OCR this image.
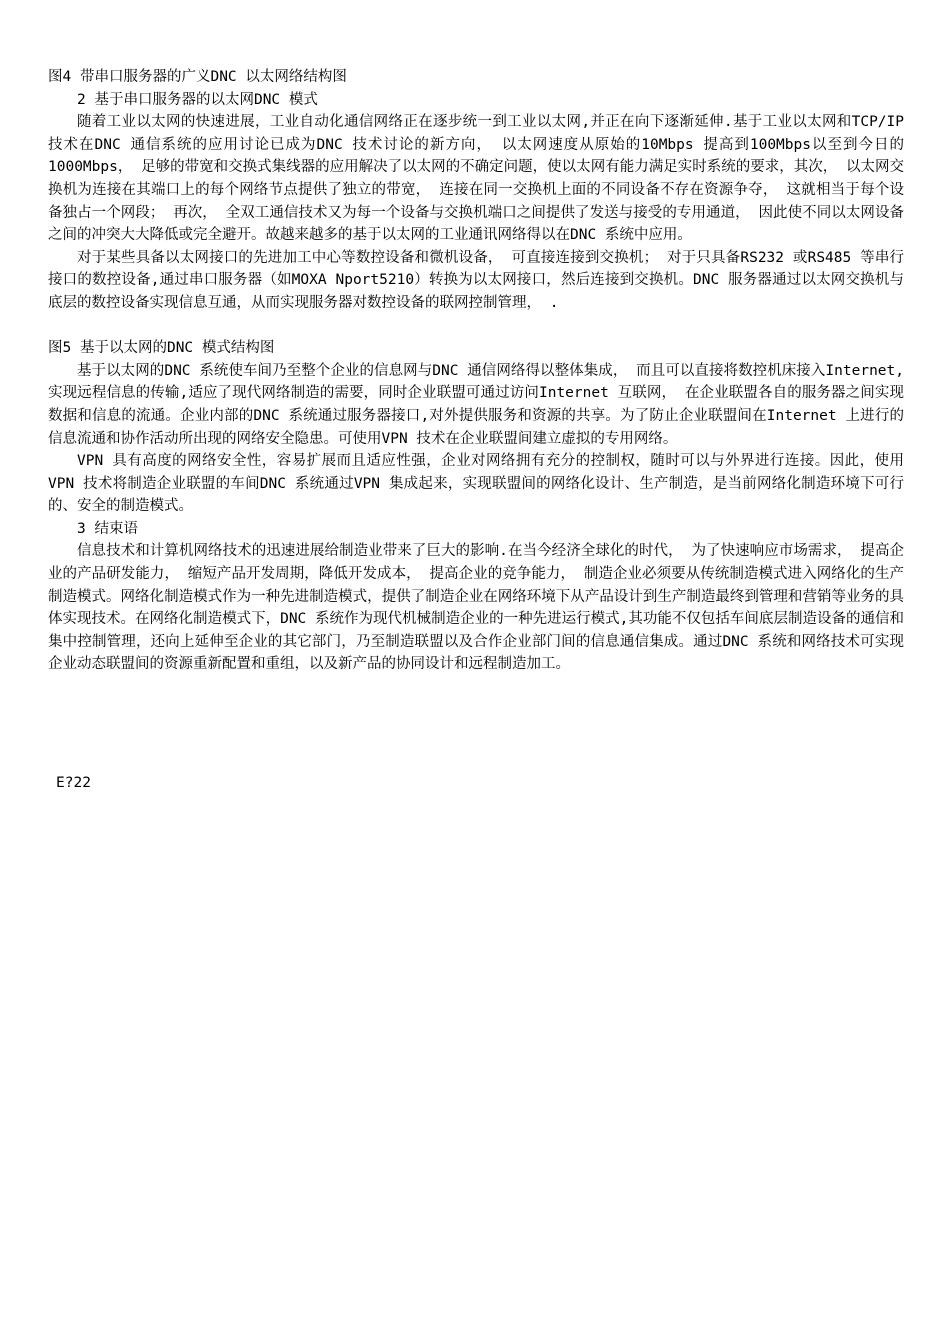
图4 带串口服务器的广义DNC 以太网络结构图

2 基于串口服务器的以太网DNC 模式

随着工业以太网的快速进展，工业自动化通信网络正在逐步统一到工业以太网,并正在向下逐渐延伸.基于工业以太网和TCP/IP 技术在DNC 通信系统的应用讨论已成为DNC 技术讨论的新方向， 以太网速度从原始的10Mbps 提高到100Mbps以至到今日的1000Mbps， 足够的带宽和交换式集线器的应用解决了以太网的不确定问题，使以太网有能力满足实时系统的要求，其次， 以太网交换机为连接在其端口上的每个网络节点提供了独立的带宽， 连接在同一交换机上面的不同设备不存在资源争夺， 这就相当于每个设备独占一个网段； 再次， 全双工通信技术又为每一个设备与交换机端口之间提供了发送与接受的专用通道， 因此使不同以太网设备之间的冲突大大降低或完全避开。故越来越多的基于以太网的工业通讯网络得以在DNC 系统中应用。

对于某些具备以太网接口的先进加工中心等数控设备和微机设备， 可直接连接到交换机； 对于只具备RS232 或RS485 等串行接口的数控设备,通过串口服务器（如MOXA Nport5210）转换为以太网接口，然后连接到交换机。DNC 服务器通过以太网交换机与底层的数控设备实现信息互通，从而实现服务器对数控设备的联网控制管理， .

图5 基于以太网的DNC 模式结构图

基于以太网的DNC 系统使车间乃至整个企业的信息网与DNC 通信网络得以整体集成， 而且可以直接将数控机床接入Internet,实现远程信息的传输,适应了现代网络制造的需要，同时企业联盟可通过访问Internet 互联网， 在企业联盟各自的服务器之间实现数据和信息的流通。企业内部的DNC 系统通过服务器接口,对外提供服务和资源的共享。为了防止企业联盟间在Internet 上进行的信息流通和协作活动所出现的网络安全隐患。可使用VPN 技术在企业联盟间建立虚拟的专用网络。

VPN 具有高度的网络安全性，容易扩展而且适应性强，企业对网络拥有充分的控制权，随时可以与外界进行连接。因此，使用VPN 技术将制造企业联盟的车间DNC 系统通过VPN 集成起来，实现联盟间的网络化设计、生产制造，是当前网络化制造环境下可行的、安全的制造模式。

3 结束语

信息技术和计算机网络技术的迅速进展给制造业带来了巨大的影响.在当今经济全球化的时代， 为了快速响应市场需求， 提高企业的产品研发能力， 缩短产品开发周期，降低开发成本， 提高企业的竞争能力， 制造企业必须要从传统制造模式进入网络化的生产制造模式。网络化制造模式作为一种先进制造模式，提供了制造企业在网络环境下从产品设计到生产制造最终到管理和营销等业务的具体实现技术。在网络化制造模式下，DNC 系统作为现代机械制造企业的一种先进运行模式,其功能不仅包括车间底层制造设备的通信和集中控制管理，还向上延伸至企业的其它部门，乃至制造联盟以及合作企业部门间的信息通信集成。通过DNC 系统和网络技术可实现企业动态联盟间的资源重新配置和重组，以及新产品的协同设计和远程制造加工。

E?22
